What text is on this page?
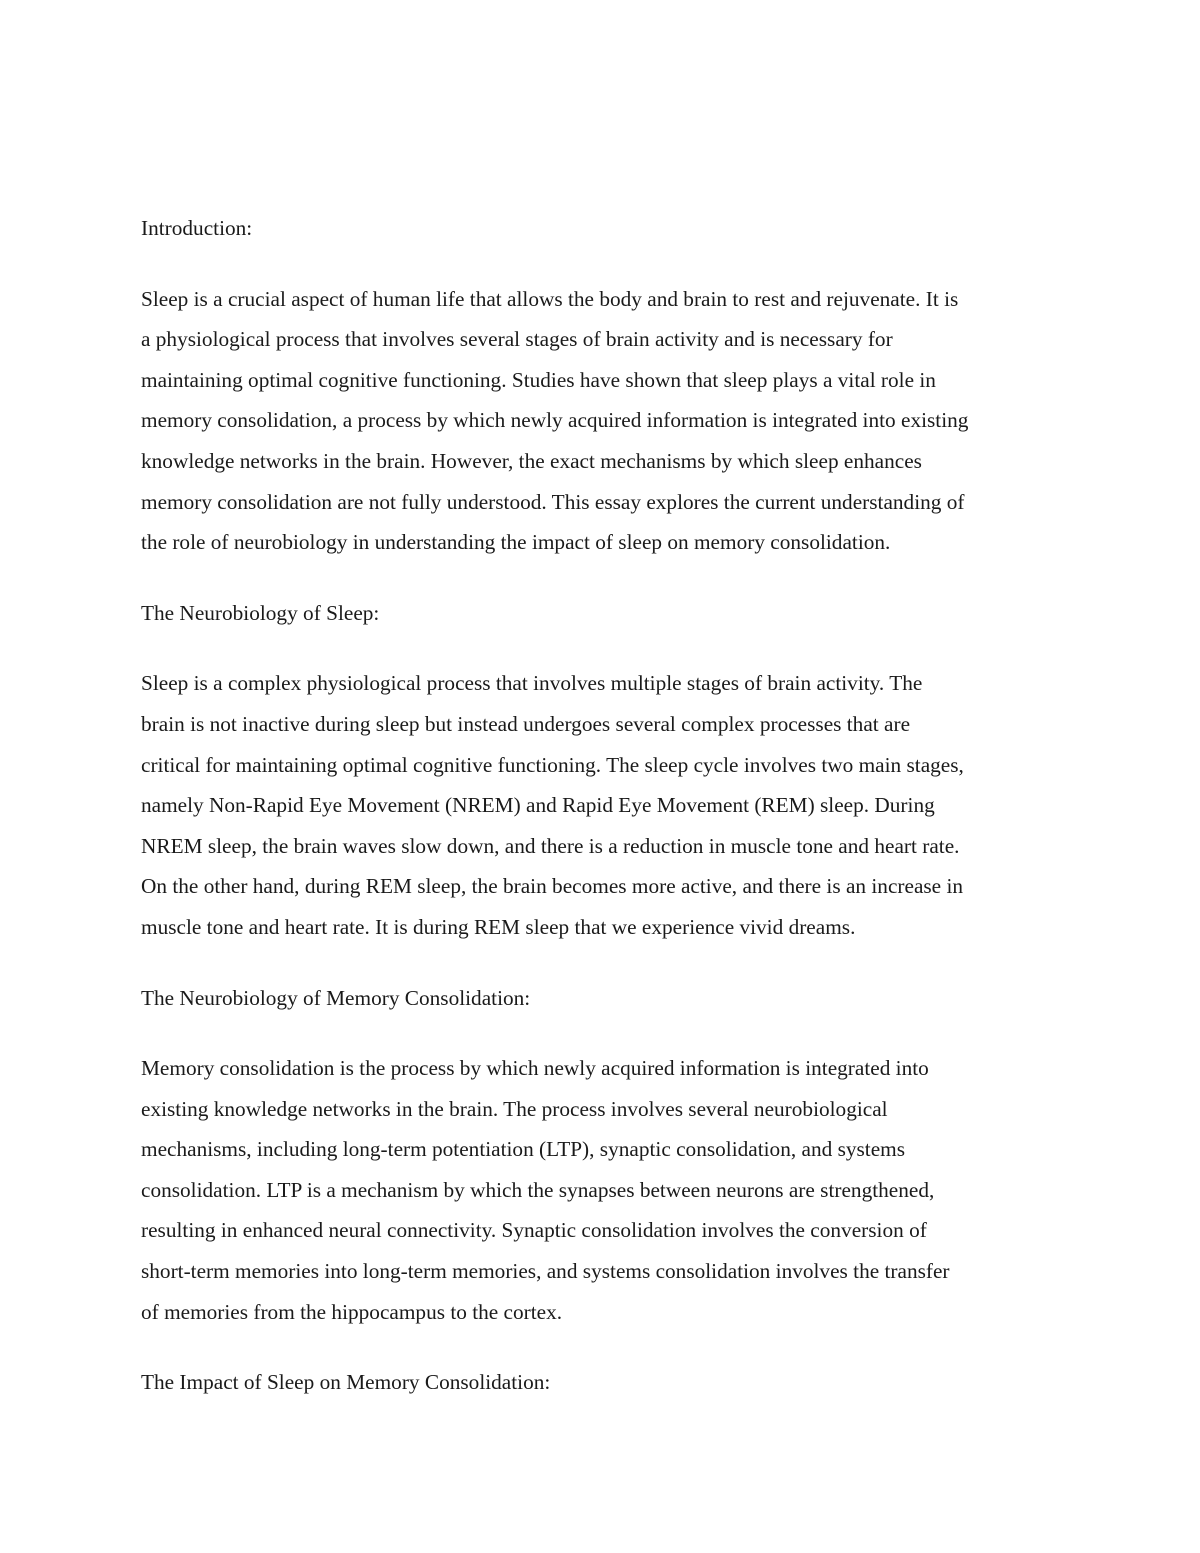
Introduction:
Sleep is a crucial aspect of human life that allows the body and brain to rest and rejuvenate. It is
a physiological process that involves several stages of brain activity and is necessary for
maintaining optimal cognitive functioning. Studies have shown that sleep plays a vital role in
memory consolidation, a process by which newly acquired information is integrated into existing
knowledge networks in the brain. However, the exact mechanisms by which sleep enhances
memory consolidation are not fully understood. This essay explores the current understanding of
the role of neurobiology in understanding the impact of sleep on memory consolidation.
The Neurobiology of Sleep:
Sleep is a complex physiological process that involves multiple stages of brain activity. The
brain is not inactive during sleep but instead undergoes several complex processes that are
critical for maintaining optimal cognitive functioning. The sleep cycle involves two main stages,
namely Non-Rapid Eye Movement (NREM) and Rapid Eye Movement (REM) sleep. During
NREM sleep, the brain waves slow down, and there is a reduction in muscle tone and heart rate.
On the other hand, during REM sleep, the brain becomes more active, and there is an increase in
muscle tone and heart rate. It is during REM sleep that we experience vivid dreams.
The Neurobiology of Memory Consolidation:
Memory consolidation is the process by which newly acquired information is integrated into
existing knowledge networks in the brain. The process involves several neurobiological
mechanisms, including long-term potentiation (LTP), synaptic consolidation, and systems
consolidation. LTP is a mechanism by which the synapses between neurons are strengthened,
resulting in enhanced neural connectivity. Synaptic consolidation involves the conversion of
short-term memories into long-term memories, and systems consolidation involves the transfer
of memories from the hippocampus to the cortex.
The Impact of Sleep on Memory Consolidation:
